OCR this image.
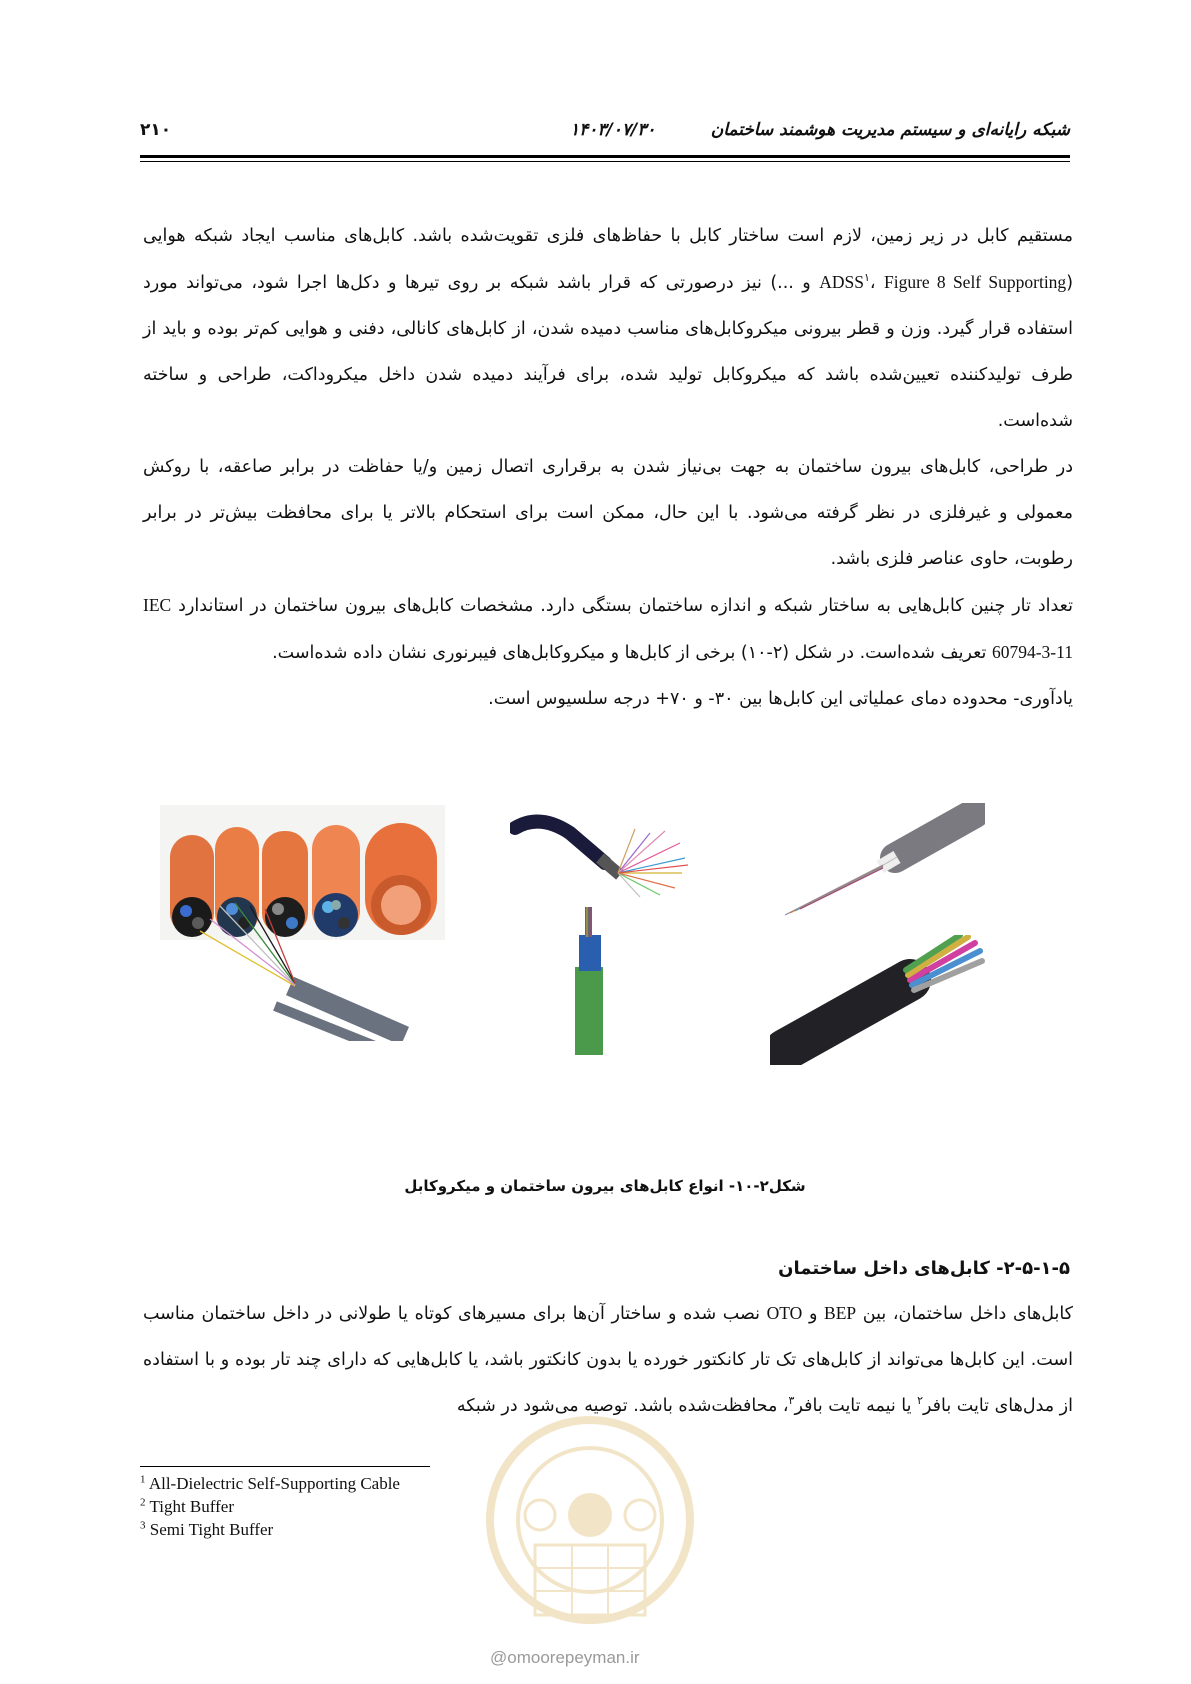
۲۱۰	۱۴۰۳/۰۷/۳۰	شبکه رایانه‌ای و سیستم مدیریت هوشمند ساختمان

مستقیم کابل در زیر زمین، لازم است ساختار کابل با حفاظ‌های فلزی تقویت‌شده باشد. کابل‌های مناسب ایجاد شبکه هوایی (ADSS$^۱$، Figure 8 Self Supporting و ...) نیز درصورتی که قرار باشد شبکه بر روی تیرها و دکل‌ها اجرا شود، می‌تواند مورد استفاده قرار گیرد. وزن و قطر بیرونی میکروکابل‌های مناسب دمیده شدن، از کابل‌های کانالی، دفنی و هوایی کم‌تر بوده و باید از طرف تولیدکننده تعیین‌شده باشد که میکروکابل تولید شده، برای فرآیند دمیده شدن داخل میکروداکت، طراحی و ساخته شده‌است.

در طراحی، کابل‌های بیرون ساختمان به جهت بی‌نیاز شدن به برقراری اتصال زمین و/یا حفاظت در برابر صاعقه، با روکش معمولی و غیرفلزی در نظر گرفته می‌شود. با این حال، ممکن است برای استحکام بالاتر یا برای محافظت بیش‌تر در برابر رطوبت، حاوی عناصر فلزی باشد.

تعداد تار چنین کابل‌هایی به ساختار شبکه و اندازه ساختمان بستگی دارد. مشخصات کابل‌های بیرون ساختمان در استاندارد IEC 60794-3-11 تعریف شده‌است. در شکل (۲-۱۰) برخی از کابل‌ها و میکروکابل‌های فیبرنوری نشان داده شده‌است.

یادآوری- محدوده دمای عملیاتی این کابل‌ها بین ۳۰- و ۷۰+ درجه سلسیوس است.

شکل۲-۱۰- انواع کابل‌های بیرون ساختمان و میکروکابل
۲-۵-۱-۵- کابل‌های داخل ساختمان

کابل‌های داخل ساختمان، بین BEP و OTO نصب شده و ساختار آن‌ها برای مسیرهای کوتاه یا طولانی در داخل ساختمان مناسب است. این کابل‌ها می‌تواند از کابل‌های تک تار کانکتور خورده یا بدون کانکتور باشد، یا کابل‌هایی که دارای چند تار بوده و با استفاده از مدل‌های تایت بافر$^۲$ یا نیمه تایت بافر$^۳$، محافظت‌شده باشد. توصیه می‌شود در شبکه

@omoorepeyman.ir
$^1$ All-Dielectric Self-Supporting Cable
$^2$ Tight Buffer
$^3$ Semi Tight Buffer
